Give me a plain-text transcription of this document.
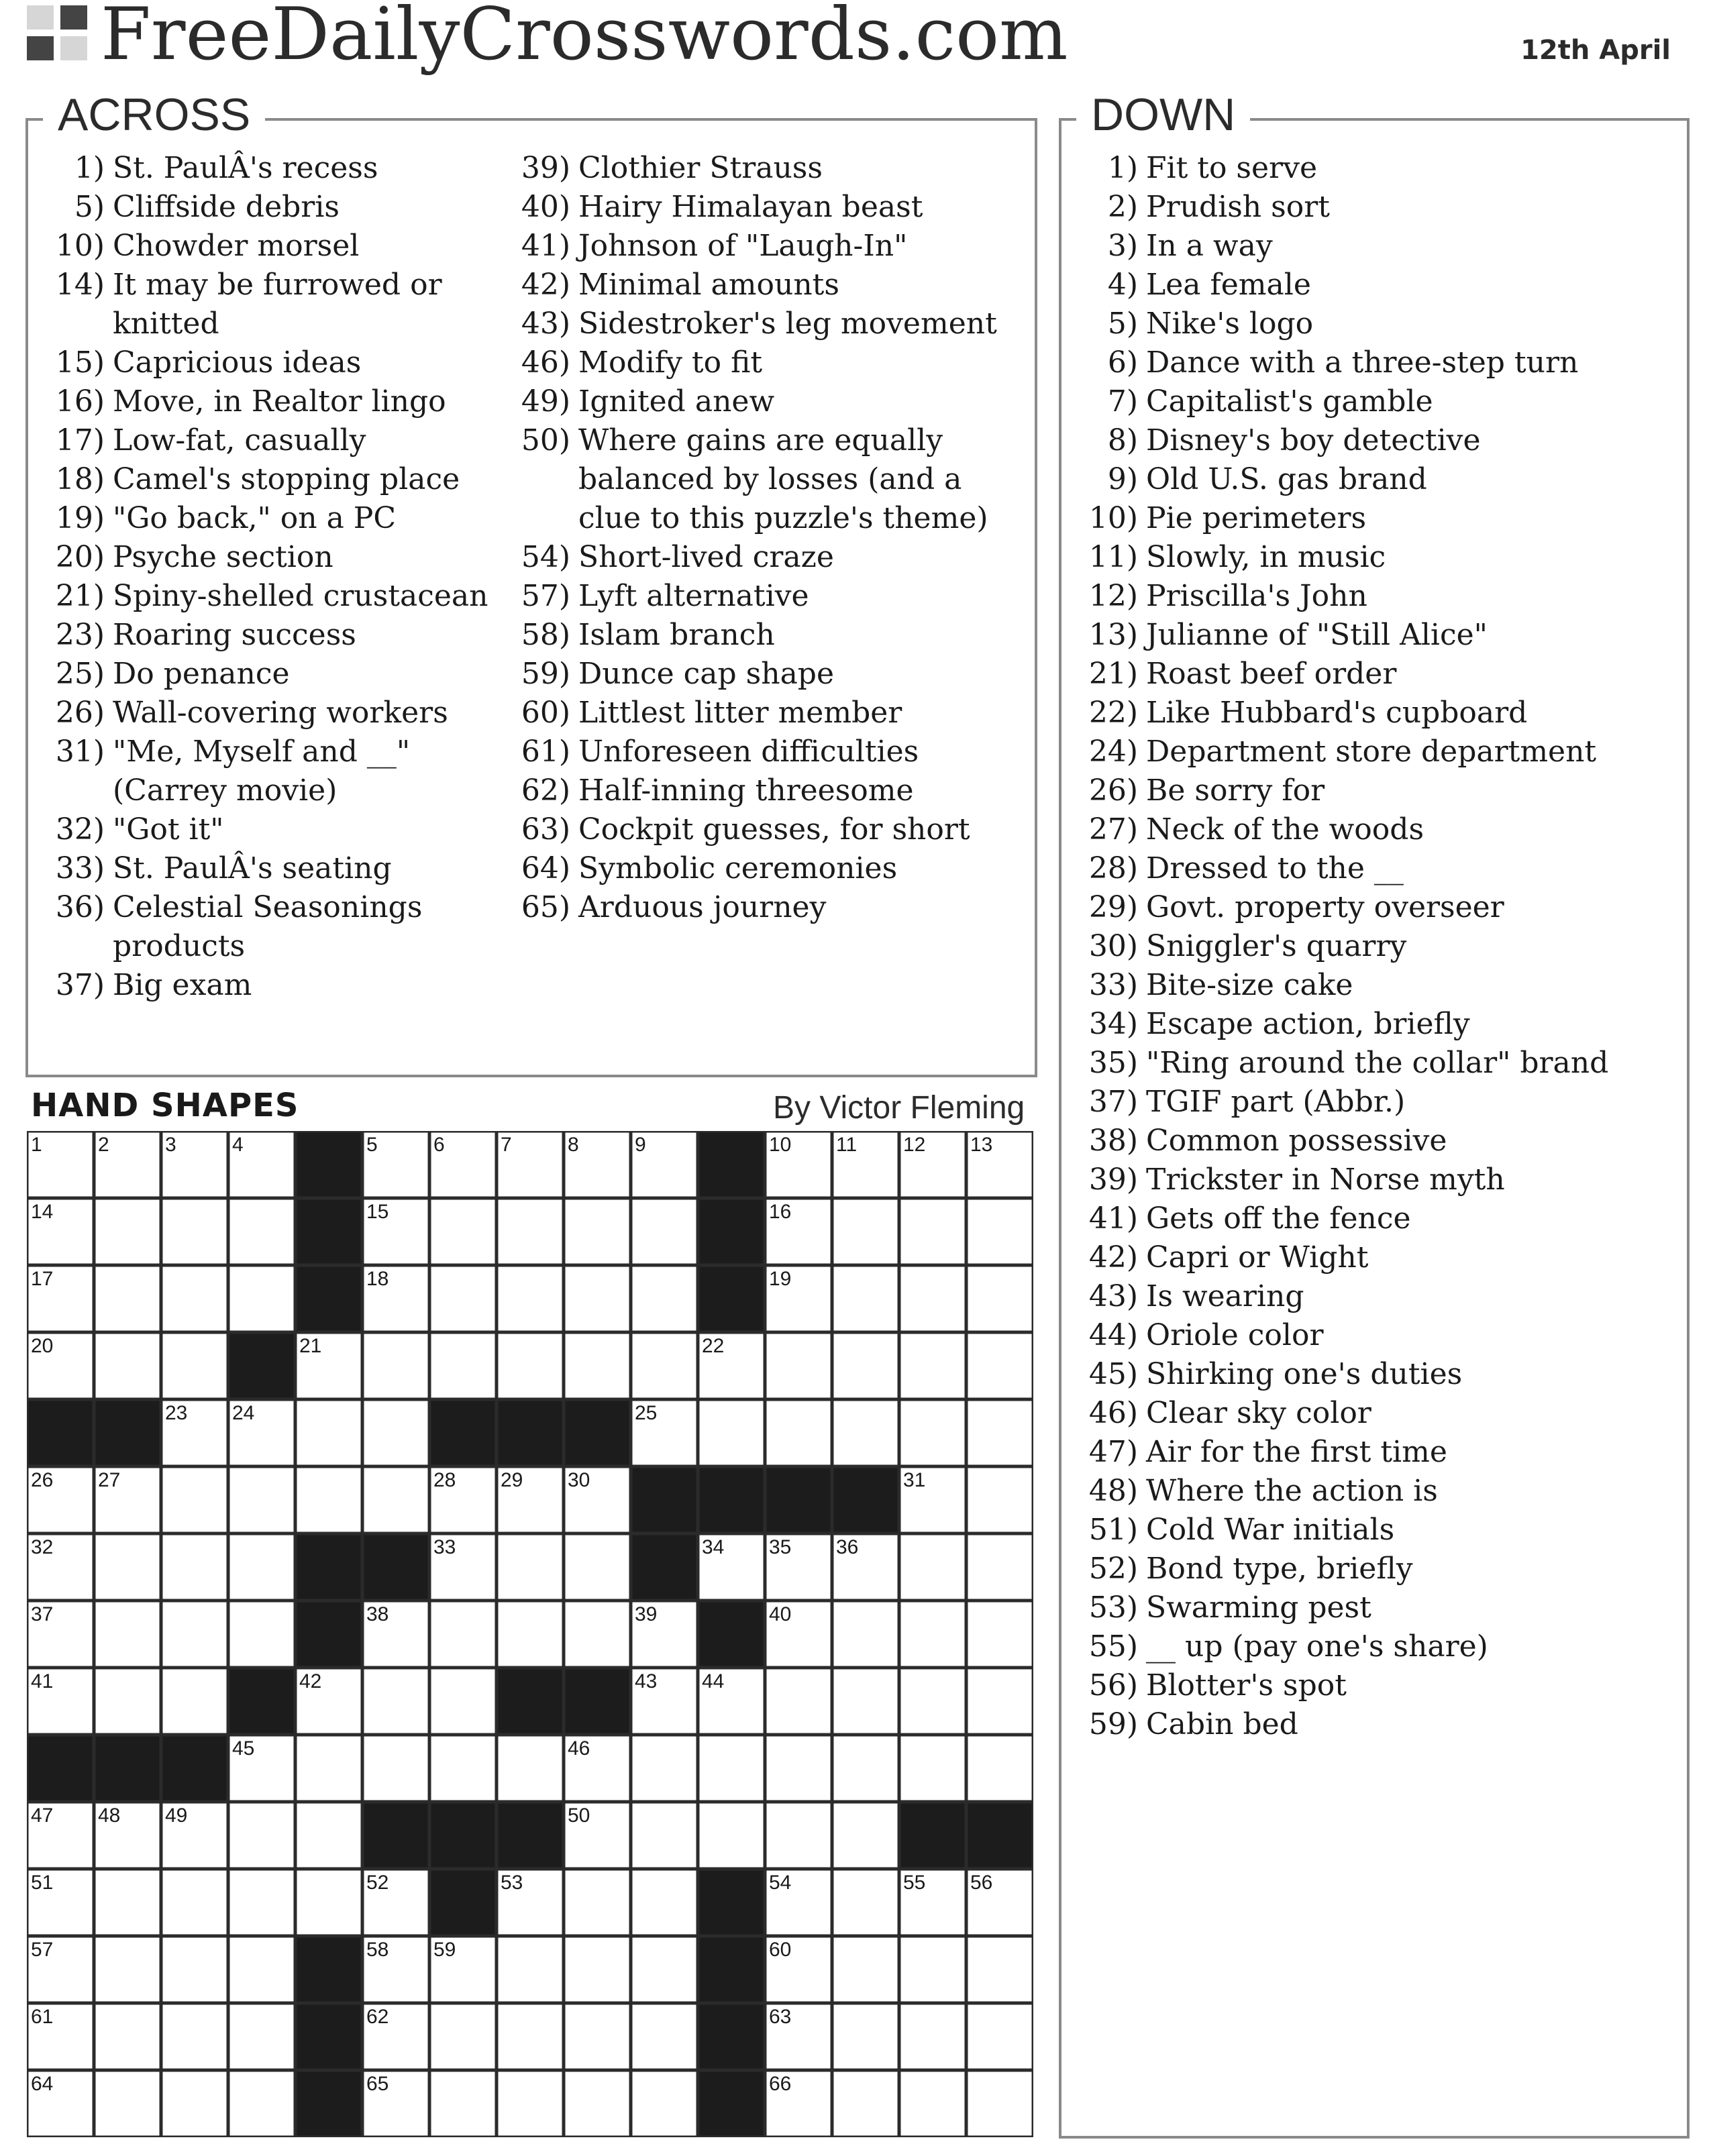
FreeDailyCrosswords.com	12th April
ACROSS
1) St. PaulÂ's recess
5) Cliffside debris
10) Chowder morsel
14) It may be furrowed or knitted
15) Capricious ideas
16) Move, in Realtor lingo
17) Low-fat, casually
18) Camel's stopping place
19) "Go back," on a PC
20) Psyche section
21) Spiny-shelled crustacean
23) Roaring success
25) Do penance
26) Wall-covering workers
31) "Me, Myself and __" (Carrey movie)
32) "Got it"
33) St. PaulÂ's seating
36) Celestial Seasonings products
37) Big exam
39) Clothier Strauss
40) Hairy Himalayan beast
41) Johnson of "Laugh-In"
42) Minimal amounts
43) Sidestroker's leg movement
46) Modify to fit
49) Ignited anew
50) Where gains are equally balanced by losses (and a clue to this puzzle's theme)
54) Short-lived craze
57) Lyft alternative
58) Islam branch
59) Dunce cap shape
60) Littlest litter member
61) Unforeseen difficulties
62) Half-inning threesome
63) Cockpit guesses, for short
64) Symbolic ceremonies
65) Arduous journey
DOWN
1) Fit to serve
2) Prudish sort
3) In a way
4) Lea female
5) Nike's logo
6) Dance with a three-step turn
7) Capitalist's gamble
8) Disney's boy detective
9) Old U.S. gas brand
10) Pie perimeters
11) Slowly, in music
12) Priscilla's John
13) Julianne of "Still Alice"
21) Roast beef order
22) Like Hubbard's cupboard
24) Department store department
26) Be sorry for
27) Neck of the woods
28) Dressed to the __
29) Govt. property overseer
30) Sniggler's quarry
33) Bite-size cake
34) Escape action, briefly
35) "Ring around the collar" brand
37) TGIF part (Abbr.)
38) Common possessive
39) Trickster in Norse myth
41) Gets off the fence
42) Capri or Wight
43) Is wearing
44) Oriole color
45) Shirking one's duties
46) Clear sky color
47) Air for the first time
48) Where the action is
51) Cold War initials
52) Bond type, briefly
53) Swarming pest
55) __ up (pay one's share)
56) Blotter's spot
59) Cabin bed
HAND SHAPES	By Victor Fleming
1	2	3	4	5	6	7	8	9	10 11 12 13
14	15	16
17	18	19
20	21	22
23 24	25
26 27	28 29 30	31
32	33	34 35 36
37	38	39	40
41	42	43 44
45	46
47 48 49	50
51	52	53	54	55 56
57	58 59	60
61	62	63
64	65	66
